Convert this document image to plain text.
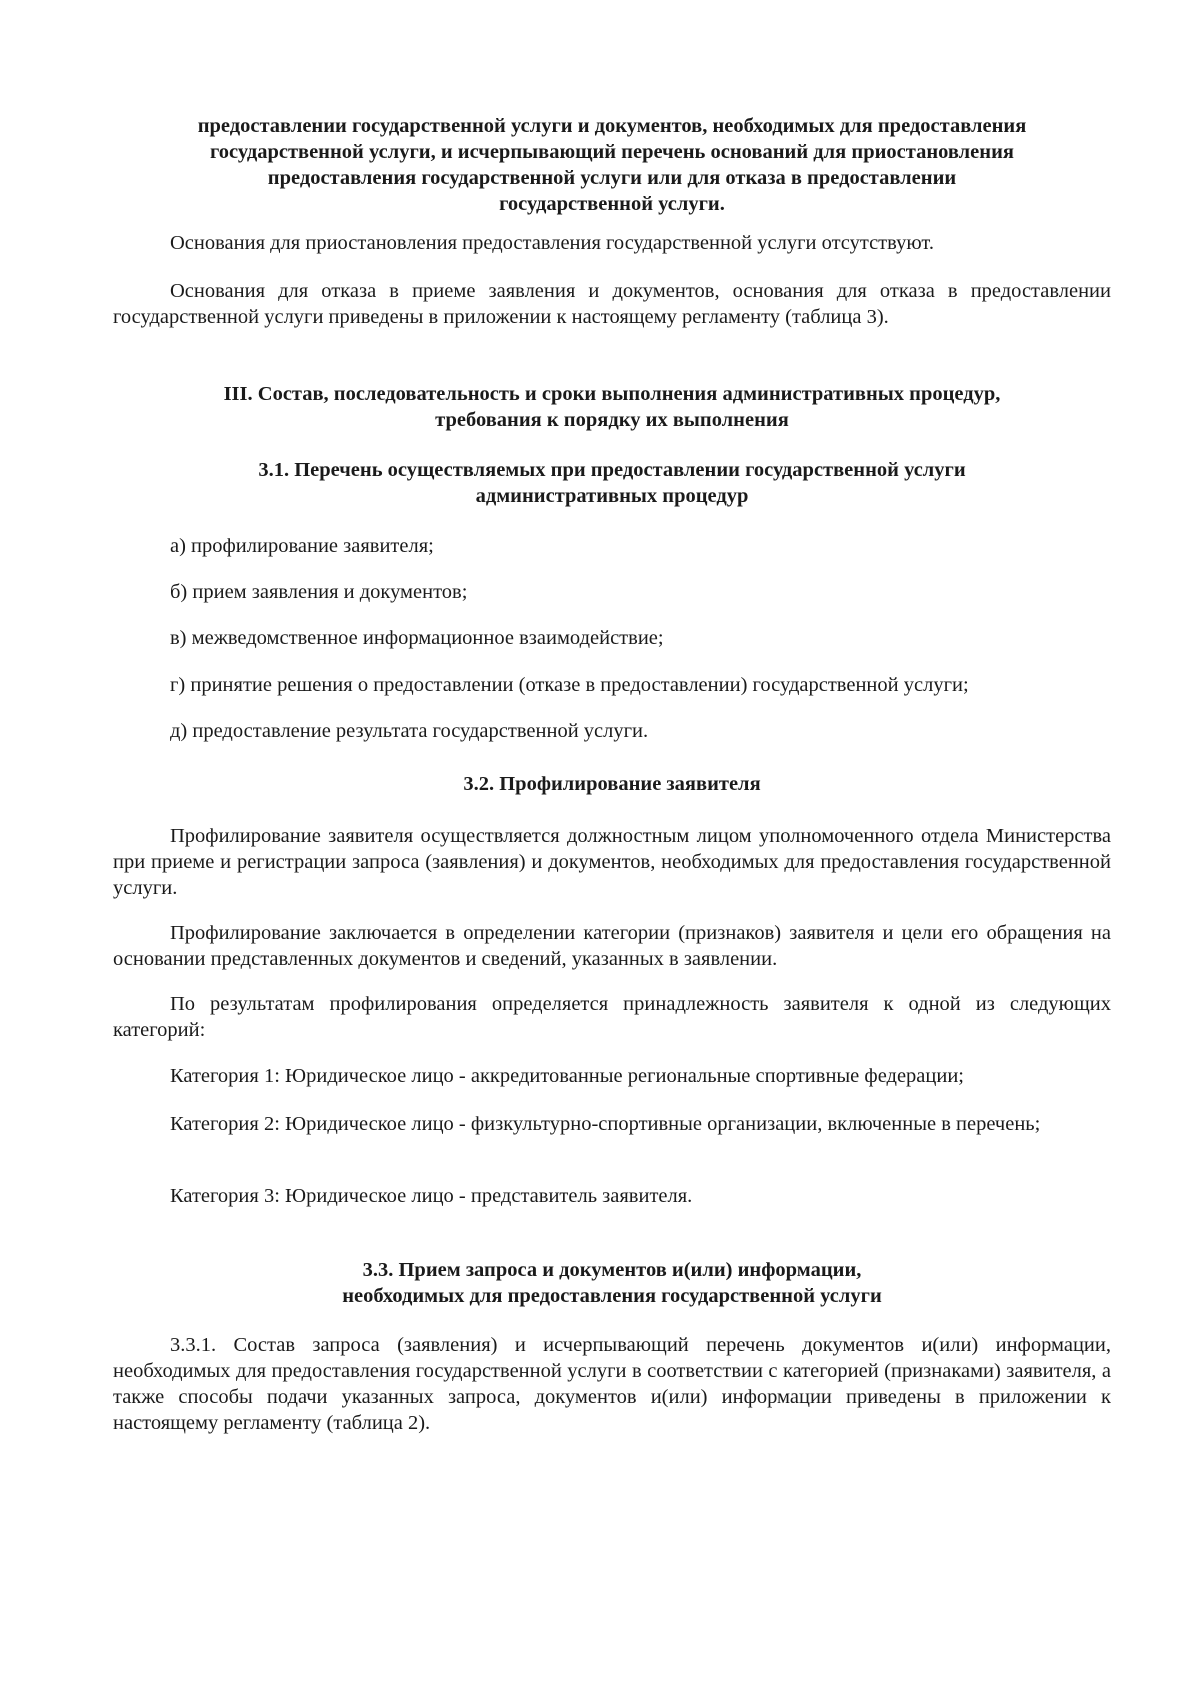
предоставлении государственной услуги и документов, необходимых для предоставления
государственной услуги, и исчерпывающий перечень оснований для приостановления
предоставления государственной услуги или для отказа в предоставлении
государственной услуги.

Основания для приостановления предоставления государственной услуги отсутствуют.

Основания для отказа в приеме заявления и документов, основания для отказа в предоставлении государственной услуги приведены в приложении к настоящему регламенту (таблица 3).

III. Состав, последовательность и сроки выполнения административных процедур,
требования к порядку их выполнения
3.1. Перечень осуществляемых при предоставлении государственной услуги
административных процедур

а) профилирование заявителя;

б) прием заявления и документов;

в) межведомственное информационное взаимодействие;

г) принятие решения о предоставлении (отказе в предоставлении) государственной услуги;

д) предоставление результата государственной услуги.

3.2. Профилирование заявителя

Профилирование заявителя осуществляется должностным лицом уполномоченного отдела Министерства при приеме и регистрации запроса (заявления) и документов, необходимых для предоставления государственной услуги.

Профилирование заключается в определении категории (признаков) заявителя и цели его обращения на основании представленных документов и сведений, указанных в заявлении.

По результатам профилирования определяется принадлежность заявителя к одной из следующих категорий:

Категория 1: Юридическое лицо - аккредитованные региональные спортивные федерации;

Категория 2: Юридическое лицо - физкультурно-спортивные организации, включенные в перечень;

Категория 3: Юридическое лицо - представитель заявителя.

3.3. Прием запроса и документов и(или) информации,
необходимых для предоставления государственной услуги

3.3.1. Состав запроса (заявления) и исчерпывающий перечень документов и(или) информации, необходимых для предоставления государственной услуги в соответствии с категорией (признаками) заявителя, а также способы подачи указанных запроса, документов и(или) информации приведены в приложении к настоящему регламенту (таблица 2).
